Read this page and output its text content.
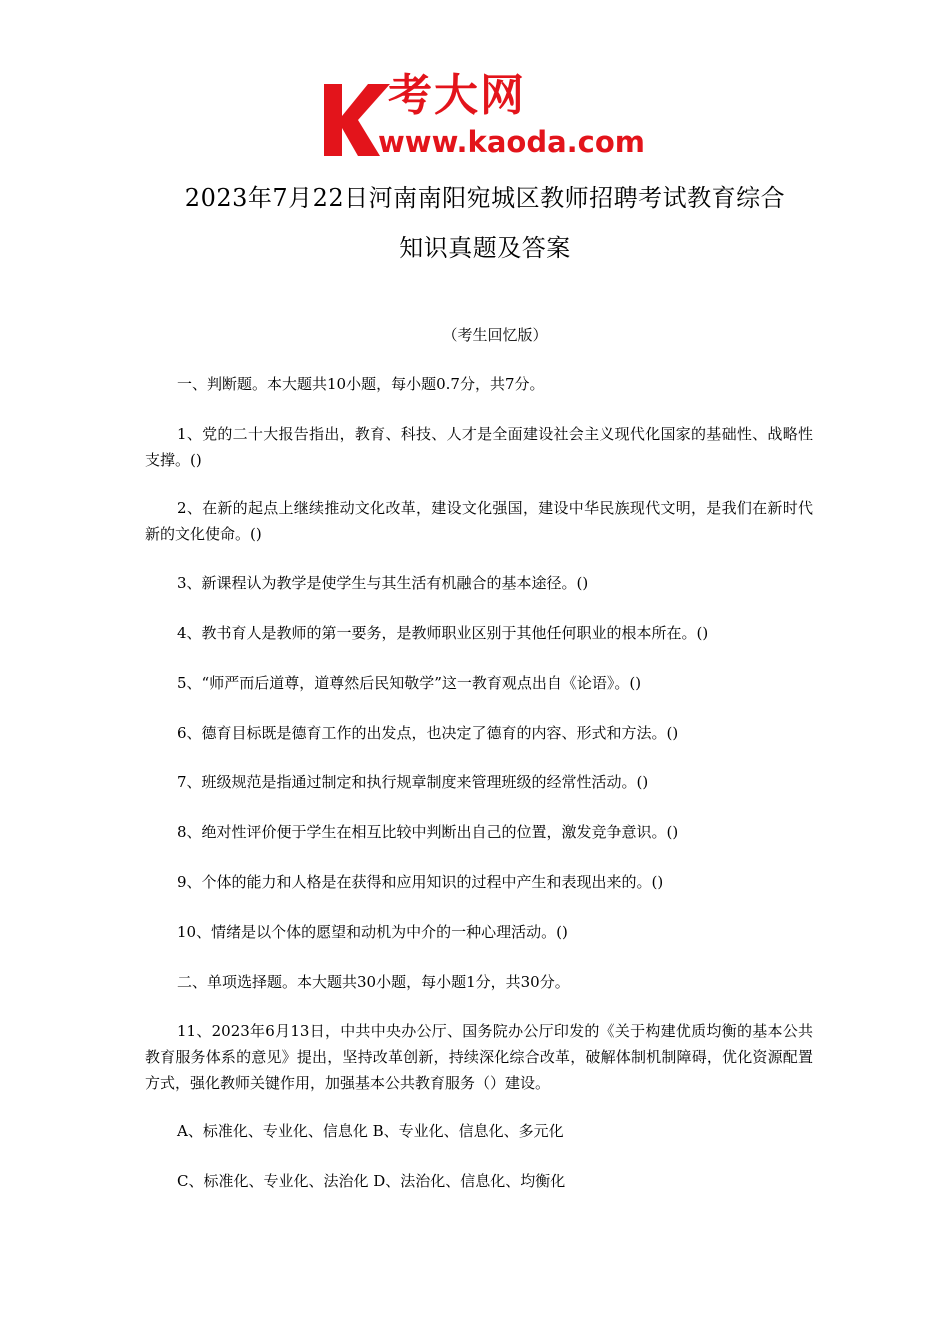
考大网
www.kaoda.com
2023年7月22日河南南阳宛城区教师招聘考试教育综合
知识真题及答案
（考生回忆版）
一、判断题。本大题共10小题，每小题0.7分，共7分。
1、党的二十大报告指出，教育、科技、人才是全面建设社会主义现代化国家的基础性、战略性支撑。()
2、在新的起点上继续推动文化改革，建设文化强国，建设中华民族现代文明，是我们在新时代新的文化使命。()
3、新课程认为教学是使学生与其生活有机融合的基本途径。()
4、教书育人是教师的第一要务，是教师职业区别于其他任何职业的根本所在。()
5、“师严而后道尊，道尊然后民知敬学”这一教育观点出自《论语》。()
6、德育目标既是德育工作的出发点，也决定了德育的内容、形式和方法。()
7、班级规范是指通过制定和执行规章制度来管理班级的经常性活动。()
8、绝对性评价便于学生在相互比较中判断出自己的位置，激发竞争意识。()
9、个体的能力和人格是在获得和应用知识的过程中产生和表现出来的。()
10、情绪是以个体的愿望和动机为中介的一种心理活动。()
二、单项选择题。本大题共30小题，每小题1分，共30分。
11、2023年6月13日，中共中央办公厅、国务院办公厅印发的《关于构建优质均衡的基本公共教育服务体系的意见》提出，坚持改革创新，持续深化综合改革，破解体制机制障碍，优化资源配置方式，强化教师关键作用，加强基本公共教育服务（）建设。
A、标准化、专业化、信息化 B、专业化、信息化、多元化
C、标准化、专业化、法治化 D、法治化、信息化、均衡化
